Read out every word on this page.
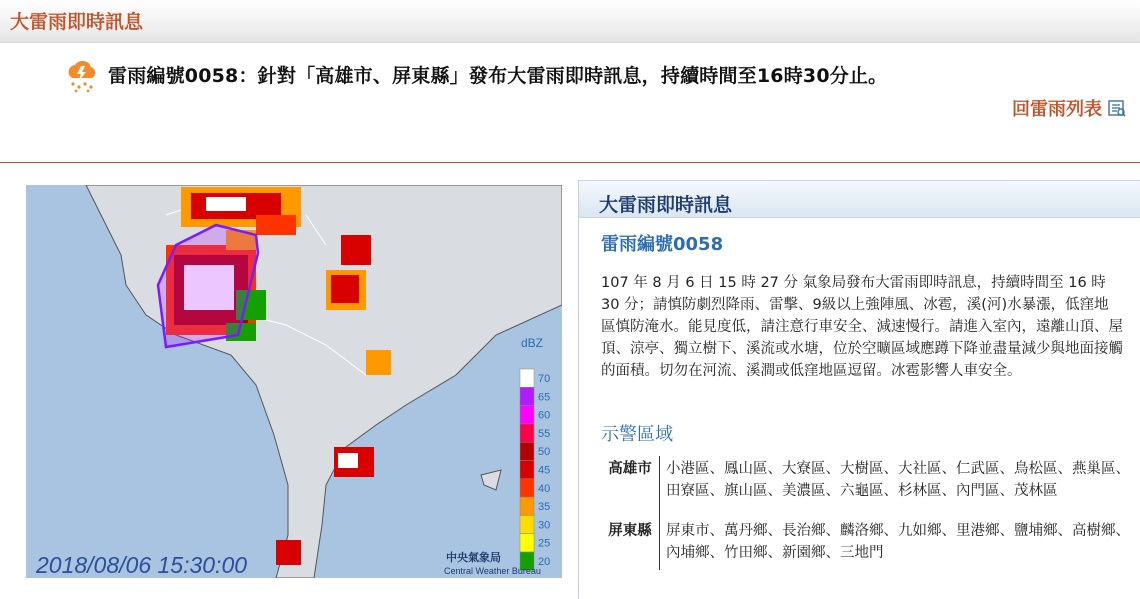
大雷雨即時訊息
雷雨編號0058：針對「高雄市、屏東縣」發布大雷雨即時訊息，持續時間至16時30分止。
回雷雨列表
70
65
60
55
50
45
40
35
30
25
20
dBZ
2018/08/06 15:30:00	中央氣象局
Central Weather Bureau
大雷雨即時訊息
雷雨編號0058
107 年 8 月 6 日 15 時 27 分 氣象局發布大雷雨即時訊息，持續時間至 16 時 30 分；請慎防劇烈降雨、雷擊、9級以上強陣風、冰雹，溪(河)水暴漲，低窪地區慎防淹水。能見度低，請注意行車安全、減速慢行。請進入室內，遠離山頂、屋頂、涼亭、獨立樹下、溪流或水塘，位於空曠區域應蹲下降並盡量減少與地面接觸的面積。切勿在河流、溪澗或低窪地區逗留。冰雹影響人車安全。
示警區域
高雄市	小港區、鳳山區、大寮區、大樹區、大社區、仁武區、鳥松區、燕巢區、田寮區、旗山區、美濃區、六龜區、杉林區、內門區、茂林區

屏東縣	屏東市、萬丹鄉、長治鄉、麟洛鄉、九如鄉、里港鄉、鹽埔鄉、高樹鄉、內埔鄉、竹田鄉、新園鄉、三地門
